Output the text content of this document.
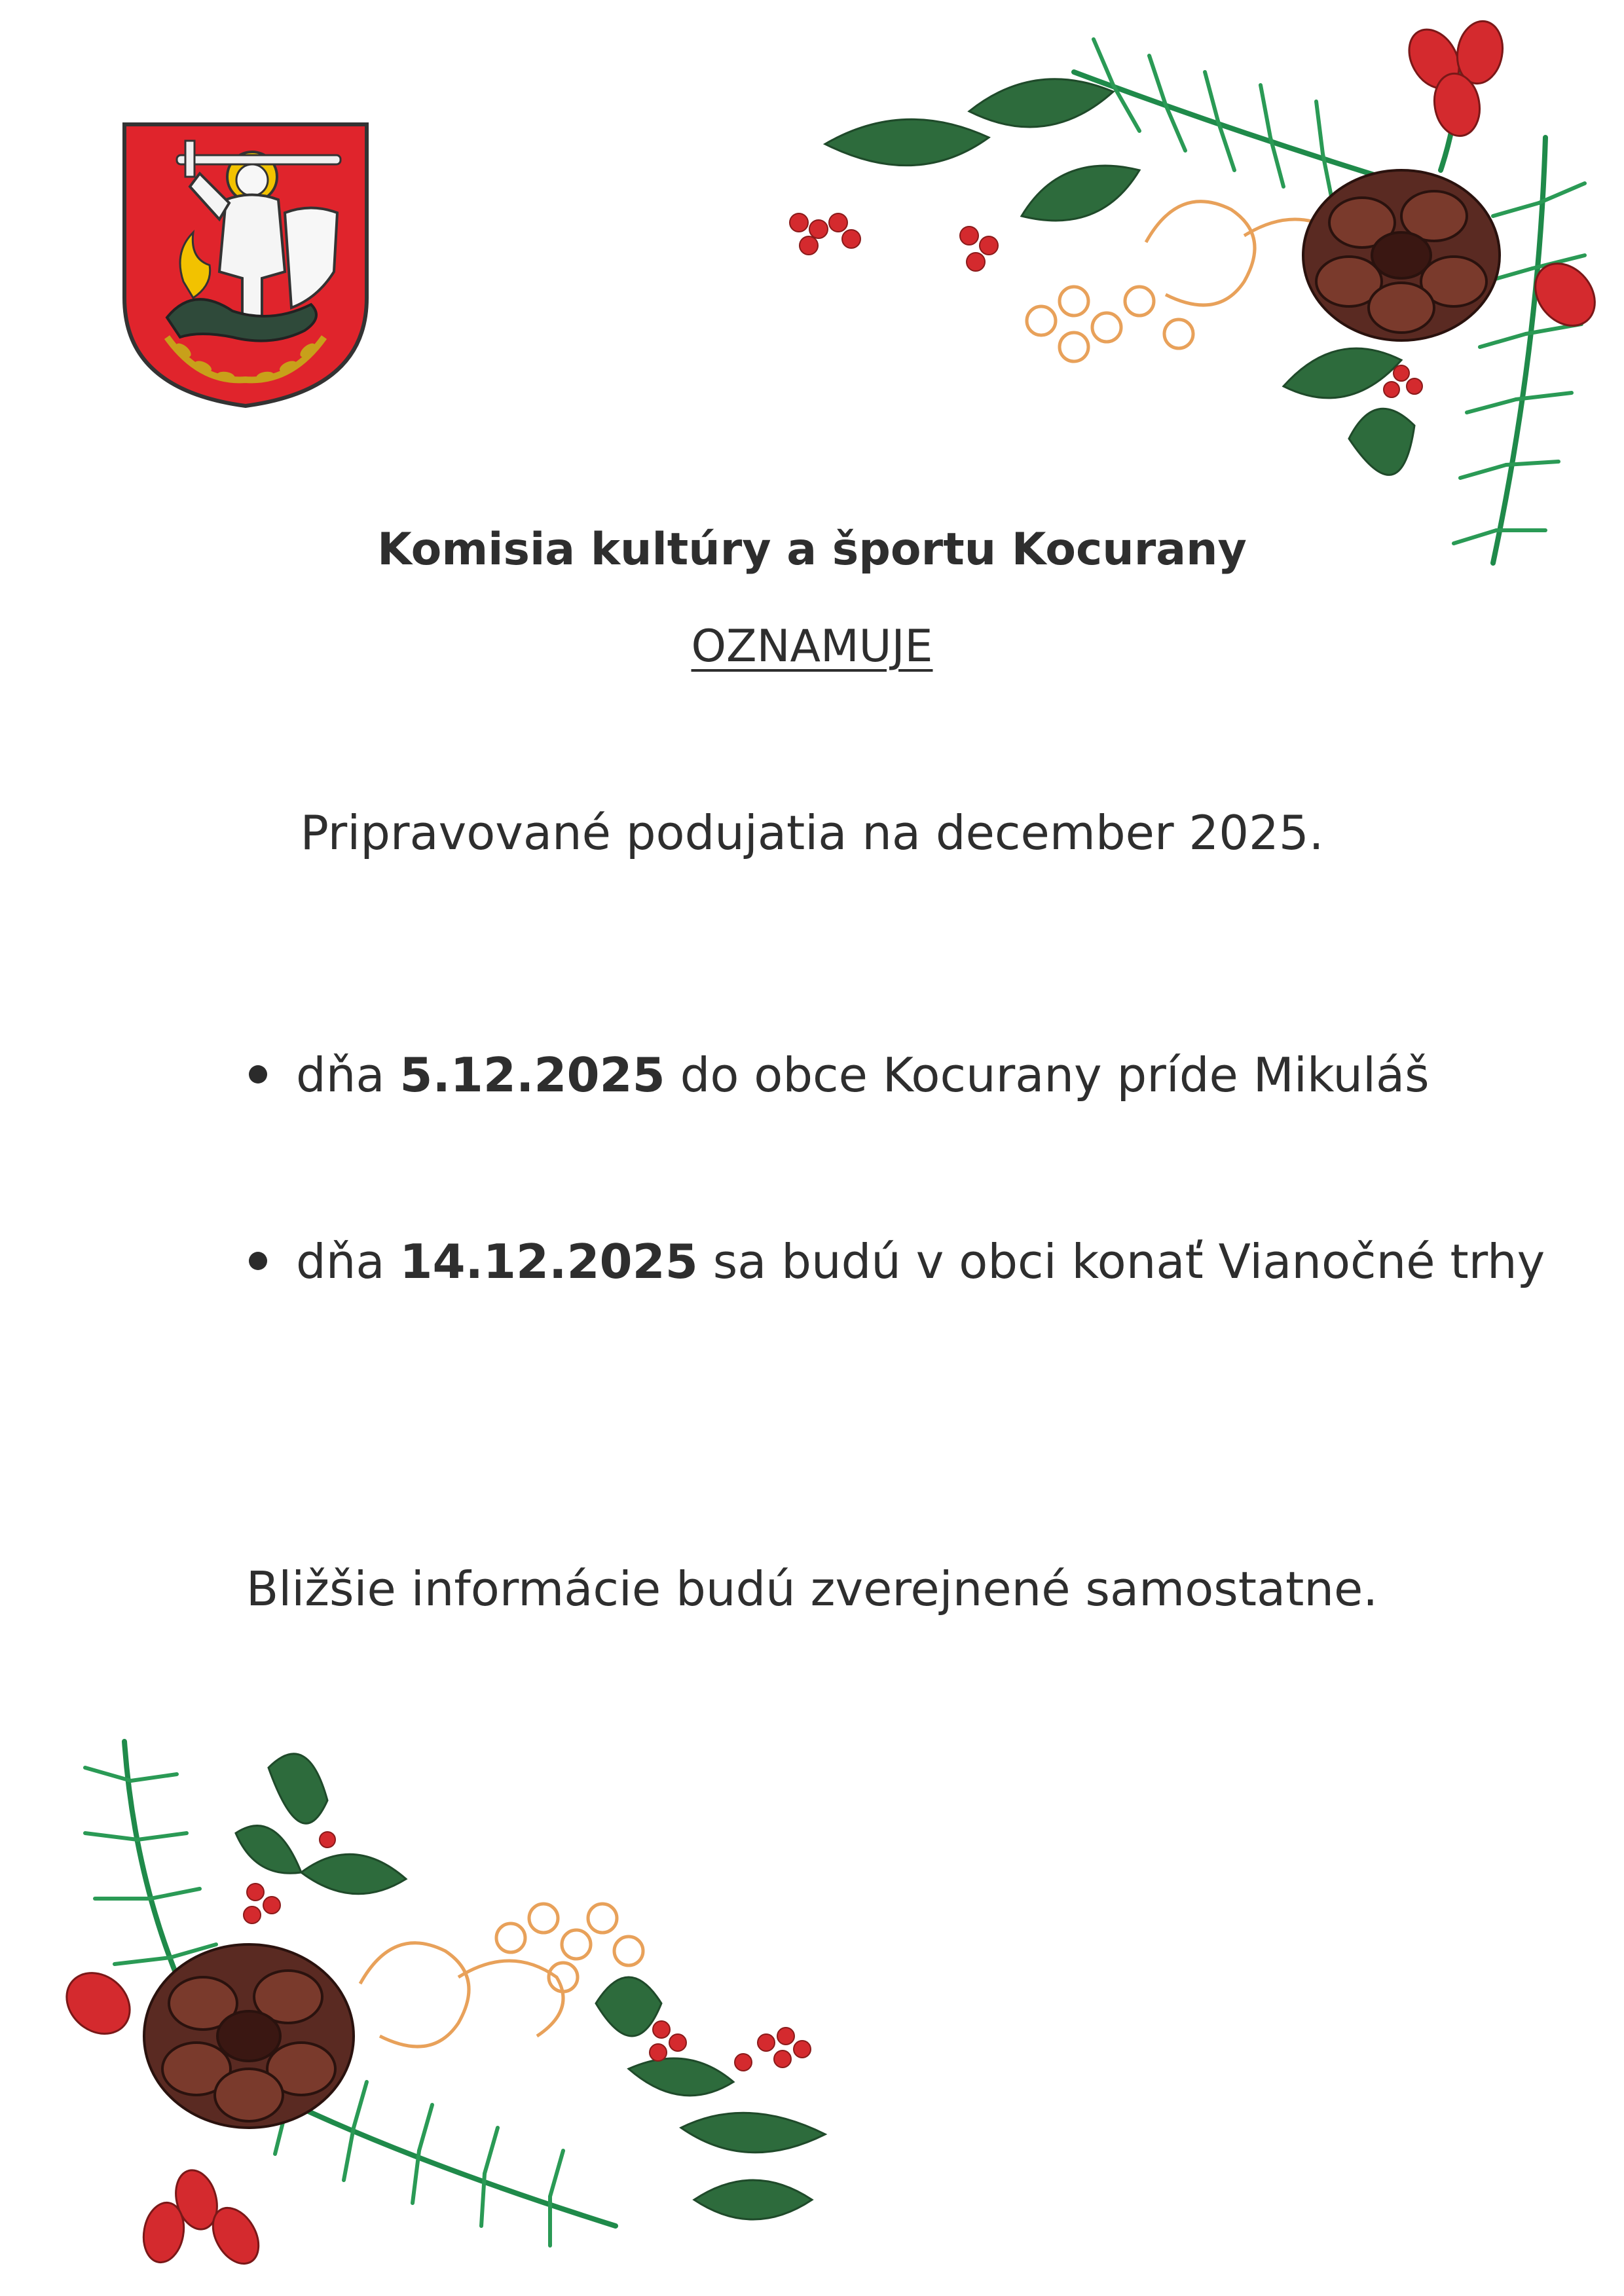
Komisia kultúry a športu Kocurany
OZNAMUJE
Pripravované podujatia na december 2025.
dňa 5.12.2025 do obce Kocurany príde Mikuláš
dňa 14.12.2025 sa budú v obci konať Vianočné trhy
Bližšie informácie budú zverejnené samostatne.
